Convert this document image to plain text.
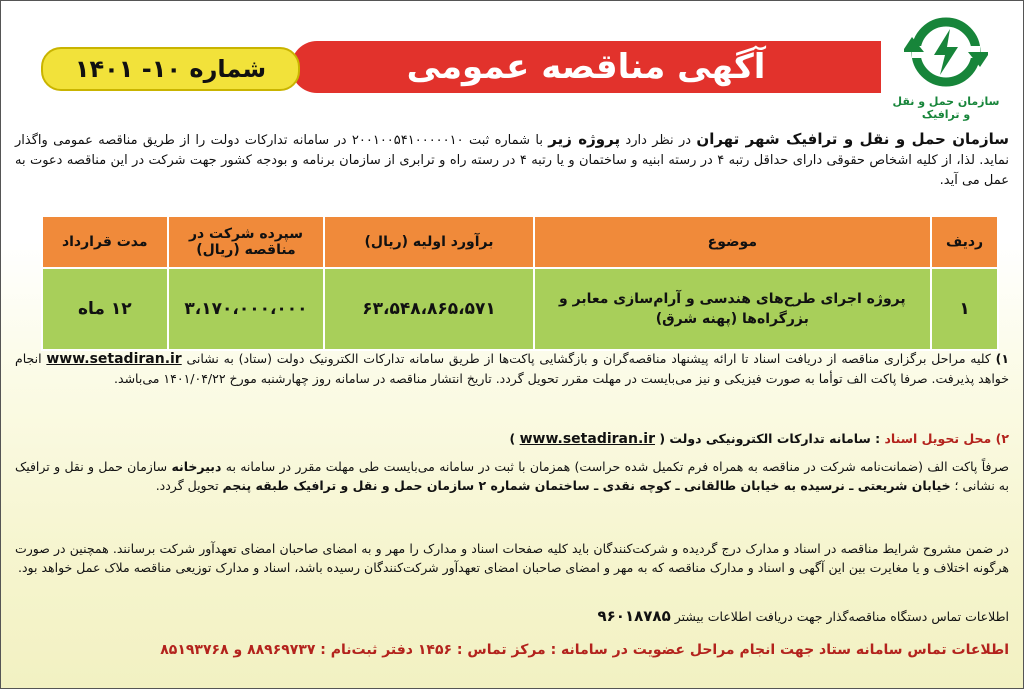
سازمان حمل و نقل و ترافیک
آگهی مناقصه عمومی
شماره ۱۰- ۱۴۰۱
سازمان حمل و نقل و ترافیک شهر تهران در نظر دارد پروژه زیر با شماره ثبت ۲۰۰۱۰۰۵۴۱۰۰۰۰۰۱۰ در سامانه تدارکات دولت را از طریق مناقصه عمومی واگذار نماید. لذا، از کلیه اشخاص حقوقی دارای حداقل رتبه ۴ در رسته ابنیه و ساختمان و یا رتبه ۴ در رسته راه و ترابری از سازمان برنامه و بودجه کشور جهت شرکت در این مناقصه دعوت به عمل می آید.
ردیف	موضوع	برآورد اولیه (ریال)	سپرده شرکت در مناقصه (ریال)	مدت قرارداد
۱	پروژه اجرای طرح‌های هندسی و آرام‌سازی معابر و بزرگراه‌ها (پهنه شرق)	۶۳،۵۴۸،۸۶۵،۵۷۱	۳،۱۷۰،۰۰۰،۰۰۰	۱۲ ماه
۱) کلیه مراحل برگزاری مناقصه از دریافت اسناد تا ارائه پیشنهاد مناقصه‌گران و بازگشایی پاکت‌ها از طریق سامانه تدارکات الکترونیک دولت (ستاد) به نشانی www.setadiran.ir انجام خواهد پذیرفت. صرفا پاکت الف توأما به صورت فیزیکی و نیز می‌بایست در مهلت مقرر تحویل گردد. تاریخ انتشار مناقصه در سامانه روز چهارشنبه مورخ ۱۴۰۱/۰۴/۲۲ می‌باشد.
۲) محل تحویل اسناد : سامانه تدارکات الکترونیکی دولت ( www.setadiran.ir )
صرفاً پاکت الف (ضمانت‌نامه شرکت در مناقصه به همراه فرم تکمیل شده حراست) همزمان با ثبت در سامانه می‌بایست طی مهلت مقرر در سامانه به دبیرخانه سازمان حمل و نقل و ترافیک به نشانی ؛ خیابان شریعتی ـ نرسیده به خیابان طالقانی ـ کوچه نقدی ـ ساختمان شماره ۲ سازمان حمل و نقل و ترافیک طبقه پنجم تحویل گردد.
در ضمن مشروح شرایط مناقصه در اسناد و مدارک درج گردیده و شرکت‌کنندگان باید کلیه صفحات اسناد و مدارک را مهر و به امضای صاحبان امضای تعهدآور شرکت برسانند. همچنین در صورت هرگونه اختلاف و یا مغایرت بین این آگهی و اسناد و مدارک مناقصه که به مهر و امضای صاحبان امضای تعهدآور شرکت‌کنندگان رسیده باشد، اسناد و مدارک توزیعی مناقصه ملاک عمل خواهد بود.
اطلاعات تماس دستگاه مناقصه‌گذار جهت دریافت اطلاعات بیشتر ۹۶۰۱۸۷۸۵
اطلاعات تماس سامانه ستاد جهت انجام مراحل عضویت در سامانه : مرکز تماس : ۱۴۵۶ دفتر ثبت‌نام : ۸۸۹۶۹۷۳۷ و ۸۵۱۹۳۷۶۸
